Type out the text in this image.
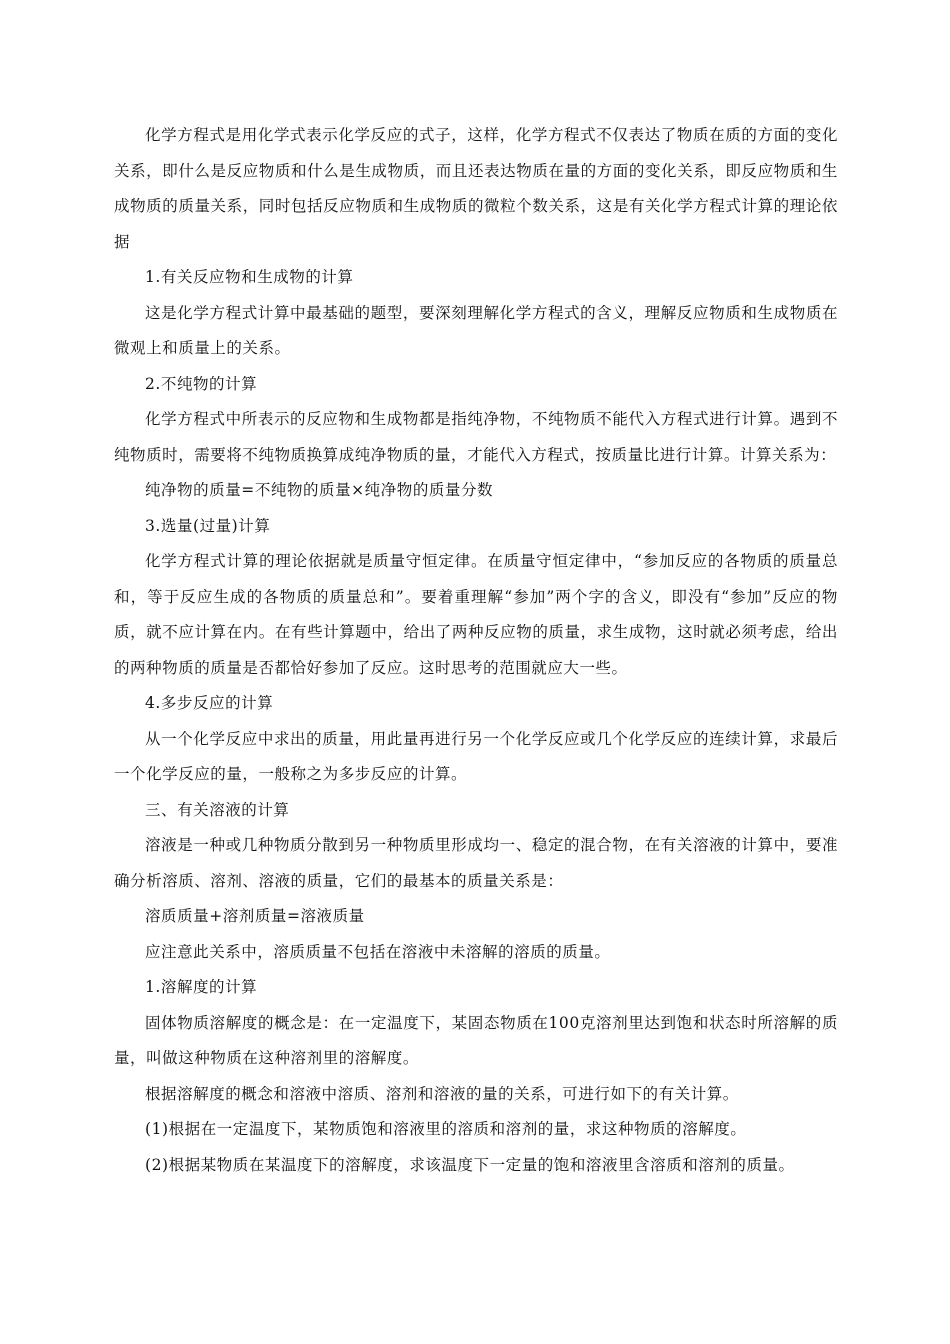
化学方程式是用化学式表示化学反应的式子，这样，化学方程式不仅表达了物质在质的方面的变化关系，即什么是反应物质和什么是生成物质，而且还表达物质在量的方面的变化关系，即反应物质和生成物质的质量关系，同时包括反应物质和生成物质的微粒个数关系，这是有关化学方程式计算的理论依据

1.有关反应物和生成物的计算

这是化学方程式计算中最基础的题型，要深刻理解化学方程式的含义，理解反应物质和生成物质在微观上和质量上的关系。

2.不纯物的计算

化学方程式中所表示的反应物和生成物都是指纯净物，不纯物质不能代入方程式进行计算。遇到不纯物质时，需要将不纯物质换算成纯净物质的量，才能代入方程式，按质量比进行计算。计算关系为：

纯净物的质量=不纯物的质量×纯净物的质量分数

3.选量(过量)计算

化学方程式计算的理论依据就是质量守恒定律。在质量守恒定律中，“参加反应的各物质的质量总和，等于反应生成的各物质的质量总和”。要着重理解“参加”两个字的含义，即没有“参加”反应的物质，就不应计算在内。在有些计算题中，给出了两种反应物的质量，求生成物，这时就必须考虑，给出的两种物质的质量是否都恰好参加了反应。这时思考的范围就应大一些。

4.多步反应的计算

从一个化学反应中求出的质量，用此量再进行另一个化学反应或几个化学反应的连续计算，求最后一个化学反应的量，一般称之为多步反应的计算。

三、有关溶液的计算

溶液是一种或几种物质分散到另一种物质里形成均一、稳定的混合物，在有关溶液的计算中，要准确分析溶质、溶剂、溶液的质量，它们的最基本的质量关系是：

溶质质量+溶剂质量=溶液质量

应注意此关系中，溶质质量不包括在溶液中未溶解的溶质的质量。

1.溶解度的计算

固体物质溶解度的概念是：在一定温度下，某固态物质在100克溶剂里达到饱和状态时所溶解的质量，叫做这种物质在这种溶剂里的溶解度。

根据溶解度的概念和溶液中溶质、溶剂和溶液的量的关系，可进行如下的有关计算。

(1)根据在一定温度下，某物质饱和溶液里的溶质和溶剂的量，求这种物质的溶解度。

(2)根据某物质在某温度下的溶解度，求该温度下一定量的饱和溶液里含溶质和溶剂的质量。
